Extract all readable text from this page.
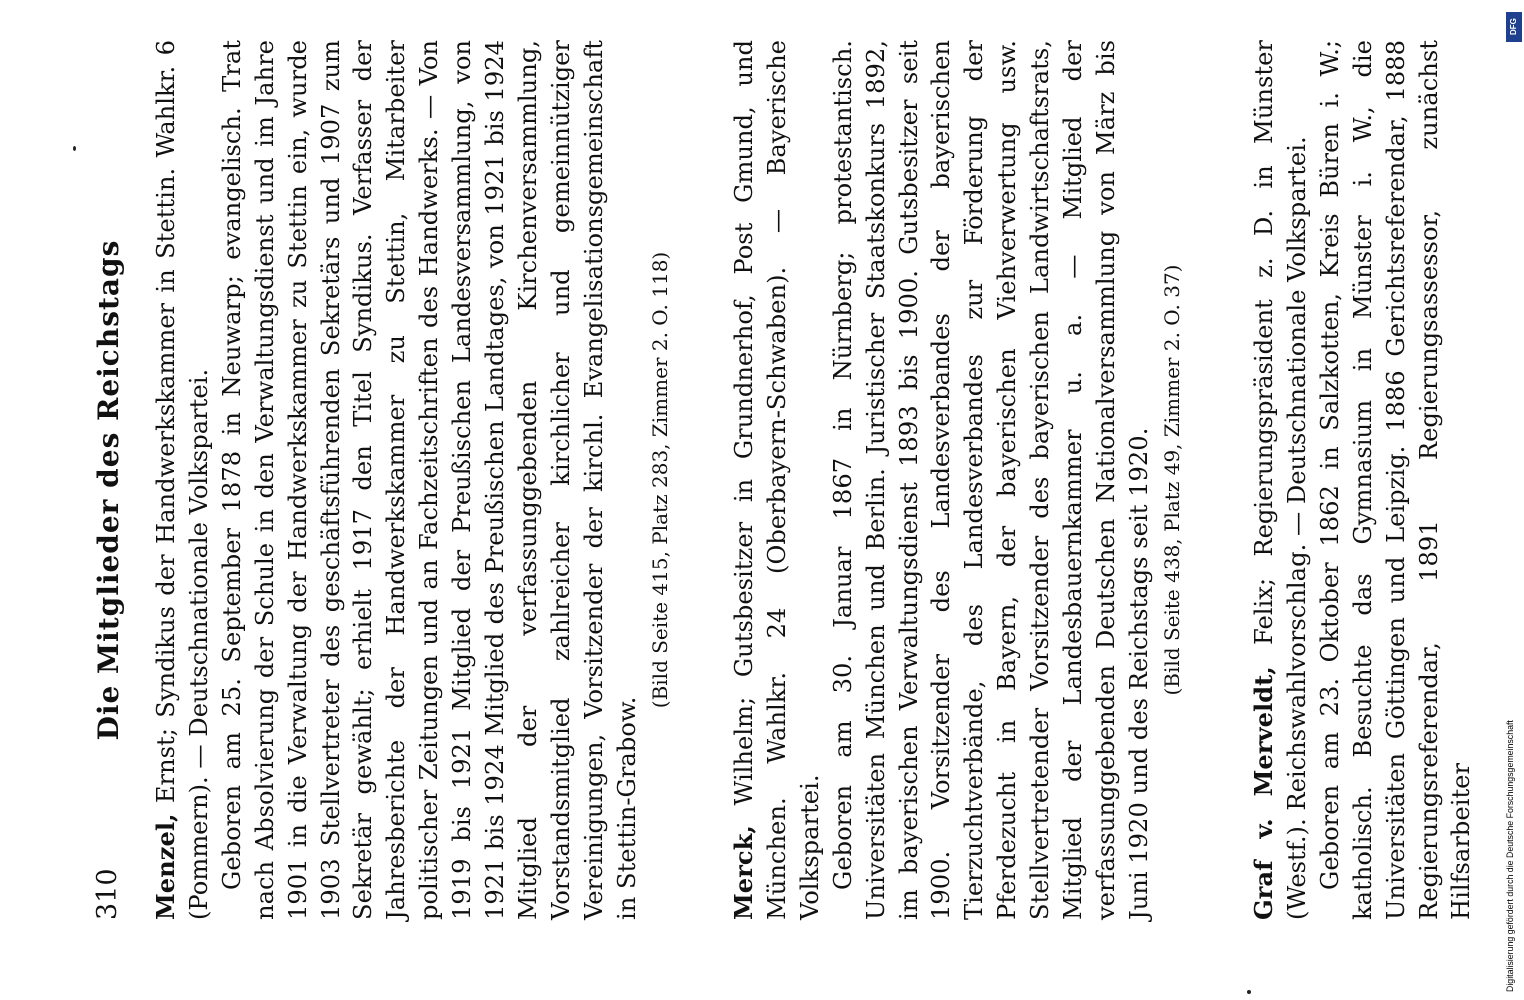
310
Die Mitglieder des Reichstags

Menzel, Ernst; Syndikus der Handwerkskammer in Stettin. Wahlkr. 6 (Pommern). — Deutschnationale Volkspartei. Geboren am 25. September 1878 in Neuwarp; evangelisch. Trat nach Absolvierung der Schule in den Verwaltungsdienst und im Jahre 1901 in die Verwaltung der Handwerkskammer zu Stettin ein, wurde 1903 Stellvertreter des geschäftsführenden Sekretärs und 1907 zum Sekretär gewählt; erhielt 1917 den Titel Syndikus. Verfasser der Jahresberichte der Handwerkskammer zu Stettin, Mitarbeiter politischer Zeitungen und an Fachzeitschriften des Handwerks. — Von 1919 bis 1921 Mitglied der Preußischen Landesversammlung, von 1921 bis 1924 Mitglied des Preußischen Landtages, von 1921 bis 1924 Mitglied der verfassunggebenden Kirchenversammlung, Vorstandsmitglied zahlreicher kirchlicher und gemeinnütziger Vereinigungen, Vorsitzender der kirchl. Evangelisationsgemeinschaft in Stettin-Grabow.

(Bild Seite 415, Platz 283, Zimmer 2. O. 118)

Merck, Wilhelm; Gutsbesitzer in Grundnerhof, Post Gmund, und München. Wahlkr. 24 (Oberbayern-Schwaben). — Bayerische Volkspartei. Geboren am 30. Januar 1867 in Nürnberg; protestantisch. Universitäten München und Berlin. Juristischer Staatskonkurs 1892, im bayerischen Verwaltungsdienst 1893 bis 1900. Gutsbesitzer seit 1900. Vorsitzender des Landesverbandes der bayerischen Tierzuchtverbände, des Landesverbandes zur Förderung der Pferdezucht in Bayern, der bayerischen Viehverwertung usw. Stellvertretender Vorsitzender des bayerischen Landwirtschaftsrats, Mitglied der Landesbauernkammer u. a. — Mitglied der verfassunggebenden Deutschen Nationalversammlung von März bis Juni 1920 und des Reichstags seit 1920. (Bild Seite 438, Platz 49, Zimmer 2. O. 37)

Graf v. Merveldt, Felix; Regierungspräsident z. D. in Münster (Westf.). Reichswahlvorschlag. — Deutschnationale Volkspartei. Geboren am 23. Oktober 1862 in Salzkotten, Kreis Büren i. W.; katholisch. Besuchte das Gymnasium in Münster i. W., die Universitäten Göttingen und Leipzig. 1886 Gerichtsreferendar, 1888 Regierungsreferendar, 1891 Regierungsassessor, zunächst Hilfsarbeiter

DFG
Digitalisierung gefördert durch die Deutsche Forschungsgemeinschaft
